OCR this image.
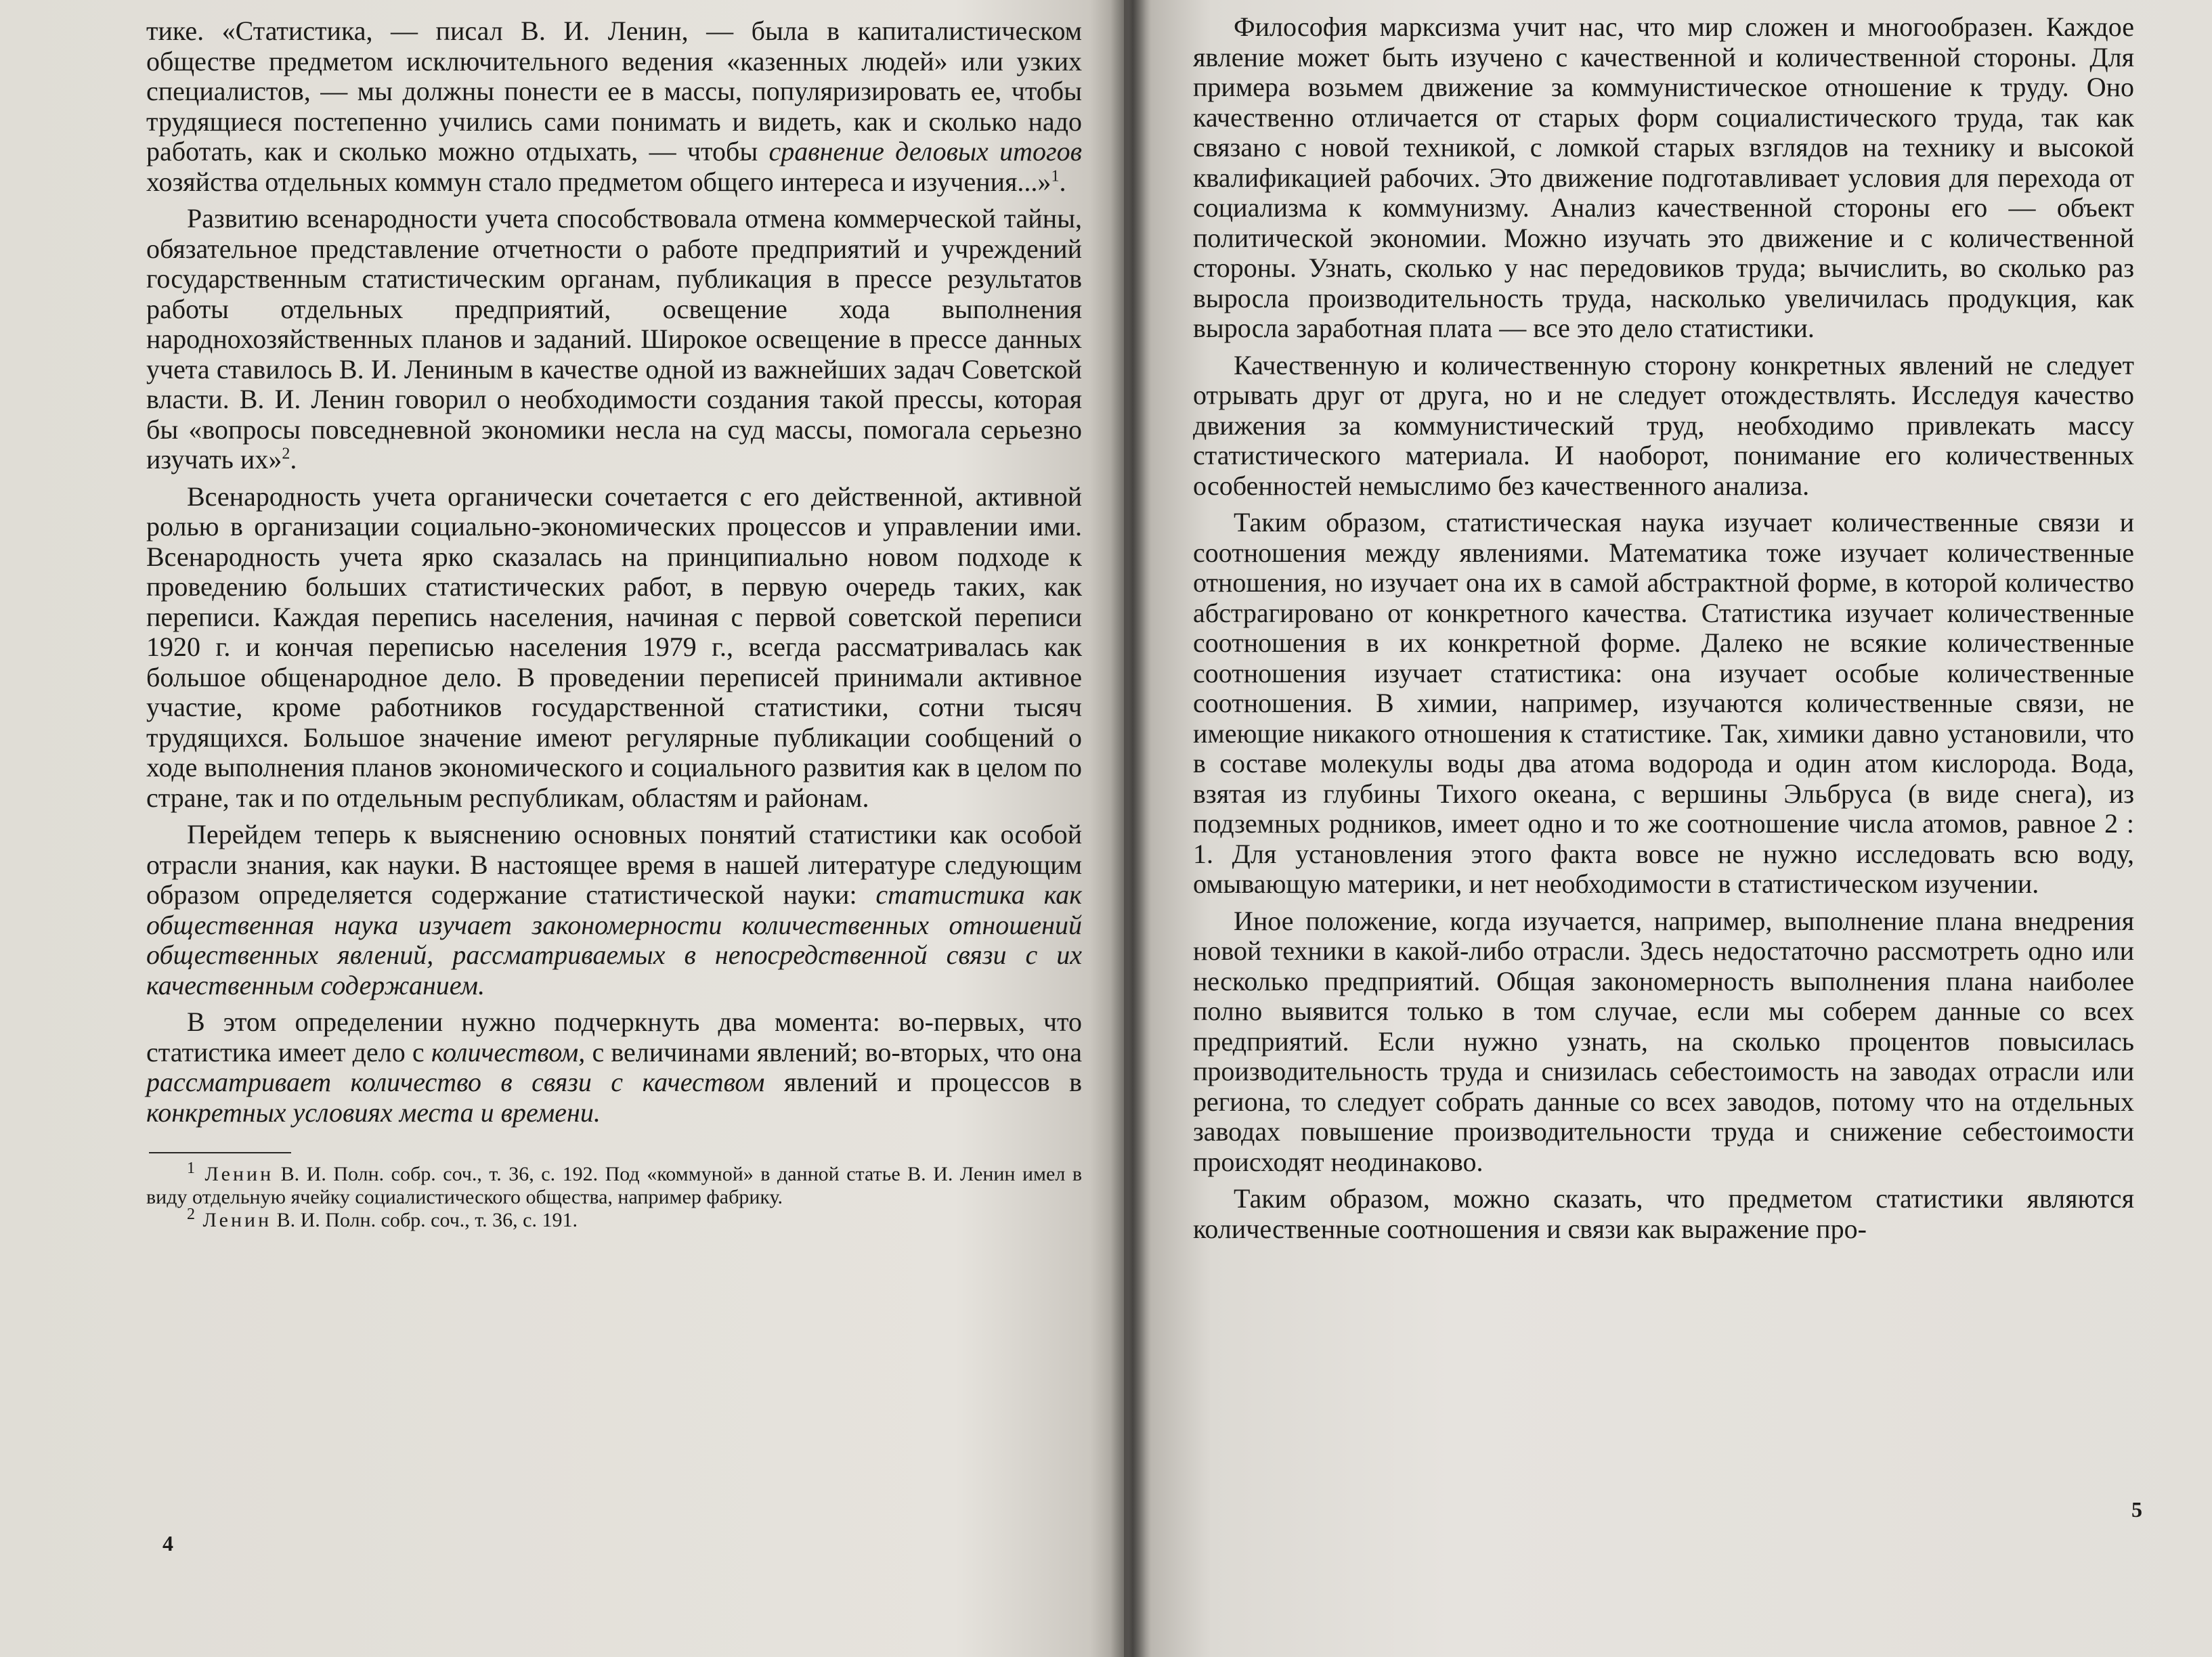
тике. «Статистика, — писал В. И. Ленин, — была в капиталистическом обществе предметом исключительного ведения «казенных людей» или узких специалистов, — мы должны понести ее в массы, популяризировать ее, чтобы трудящиеся постепенно учились сами понимать и видеть, как и сколько надо работать, как и сколько можно отдыхать, — чтобы сравнение деловых итогов хозяйства отдельных коммун стало предметом общего интереса и изучения...»$^1$.

Развитию всенародности учета способствовала отмена коммерческой тайны, обязательное представление отчетности о работе предприятий и учреждений государственным статистическим органам, публикация в прессе результатов работы отдельных предприятий, освещение хода выполнения народнохозяйственных планов и заданий. Широкое освещение в прессе данных учета ставилось В. И. Лениным в качестве одной из важнейших задач Советской власти. В. И. Ленин говорил о необходимости создания такой прессы, которая бы «вопросы повседневной экономики несла на суд массы, помогала серьезно изучать их»$^2$.

Всенародность учета органически сочетается с его действенной, активной ролью в организации социально-экономических процессов и управлении ими. Всенародность учета ярко сказалась на принципиально новом подходе к проведению больших статистических работ, в первую очередь таких, как переписи. Каждая перепись населения, начиная с первой советской переписи 1920 г. и кончая переписью населения 1979 г., всегда рассматривалась как большое общенародное дело. В проведении переписей принимали активное участие, кроме работников государственной статистики, сотни тысяч трудящихся. Большое значение имеют регулярные публикации сообщений о ходе выполнения планов экономического и социального развития как в целом по стране, так и по отдельным республикам, областям и районам.

Перейдем теперь к выяснению основных понятий статистики как особой отрасли знания, как науки. В настоящее время в нашей литературе следующим образом определяется содержание статистической науки: статистика как общественная наука изучает закономерности количественных отношений общественных явлений, рассматриваемых в непосредственной связи с их качественным содержанием.

В этом определении нужно подчеркнуть два момента: во-первых, что статистика имеет дело с количеством, с величинами явлений; во-вторых, что она рассматривает количество в связи с качеством явлений и процессов в конкретных условиях места и времени.

$^1$ Ленин В. И. Полн. собр. соч., т. 36, с. 192. Под «коммуной» в данной статье В. И. Ленин имел в виду отдельную ячейку социалистического общества, например фабрику.

$^2$ Ленин В. И. Полн. собр. соч., т. 36, с. 191.

4

Философия марксизма учит нас, что мир сложен и многообразен. Каждое явление может быть изучено с качественной и количественной стороны. Для примера возьмем движение за коммунистическое отношение к труду. Оно качественно отличается от старых форм социалистического труда, так как связано с новой техникой, с ломкой старых взглядов на технику и высокой квалификацией рабочих. Это движение подготавливает условия для перехода от социализма к коммунизму. Анализ качественной стороны его — объект политической экономии. Можно изучать это движение и с количественной стороны. Узнать, сколько у нас передовиков труда; вычислить, во сколько раз выросла производительность труда, насколько увеличилась продукция, как выросла заработная плата — все это дело статистики.

Качественную и количественную сторону конкретных явлений не следует отрывать друг от друга, но и не следует отождествлять. Исследуя качество движения за коммунистический труд, необходимо привлекать массу статистического материала. И наоборот, понимание его количественных особенностей немыслимо без качественного анализа.

Таким образом, статистическая наука изучает количественные связи и соотношения между явлениями. Математика тоже изучает количественные отношения, но изучает она их в самой абстрактной форме, в которой количество абстрагировано от конкретного качества. Статистика изучает количественные соотношения в их конкретной форме. Далеко не всякие количественные соотношения изучает статистика: она изучает особые количественные соотношения. В химии, например, изучаются количественные связи, не имеющие никакого отношения к статистике. Так, химики давно установили, что в составе молекулы воды два атома водорода и один атом кислорода. Вода, взятая из глубины Тихого океана, с вершины Эльбруса (в виде снега), из подземных родников, имеет одно и то же соотношение числа атомов, равное 2 : 1. Для установления этого факта вовсе не нужно исследовать всю воду, омывающую материки, и нет необходимости в статистическом изучении.

Иное положение, когда изучается, например, выполнение плана внедрения новой техники в какой-либо отрасли. Здесь недостаточно рассмотреть одно или несколько предприятий. Общая закономерность выполнения плана наиболее полно выявится только в том случае, если мы соберем данные со всех предприятий. Если нужно узнать, на сколько процентов повысилась производительность труда и снизилась себестоимость на заводах отрасли или региона, то следует собрать данные со всех заводов, потому что на отдельных заводах повышение производительности труда и снижение себестоимости происходят неодинаково.

Таким образом, можно сказать, что предметом статистики являются количественные соотношения и связи как выражение про-

5
